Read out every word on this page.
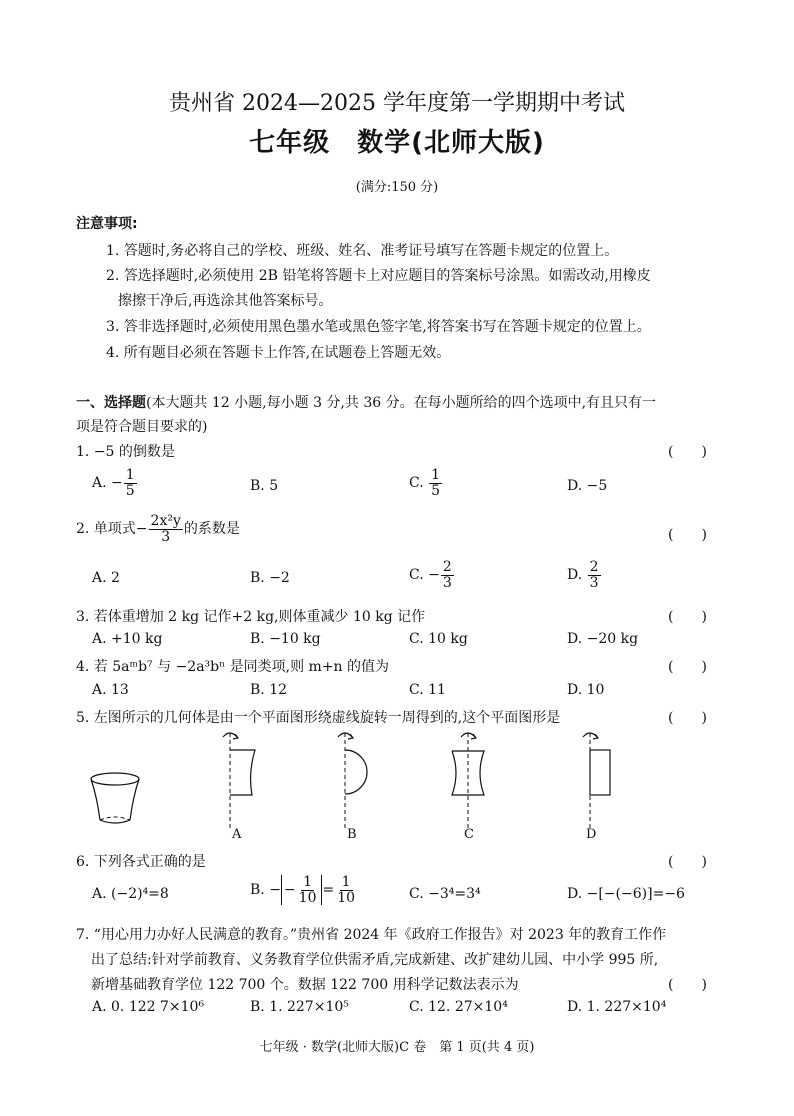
贵州省 2024—2025 学年度第一学期期中考试
七年级　数学(北师大版)
(满分:150 分)
注意事项:
1. 答题时,务必将自己的学校、班级、姓名、准考证号填写在答题卡规定的位置上。
2. 答选择题时,必须使用 2B 铅笔将答题卡上对应题目的答案标号涂黑。如需改动,用橡皮
擦擦干净后,再选涂其他答案标号。
3. 答非选择题时,必须使用黑色墨水笔或黑色签字笔,将答案书写在答题卡规定的位置上。
4. 所有题目必须在答题卡上作答,在试题卷上答题无效。
一、选择题(本大题共 12 小题,每小题 3 分,共 36 分。在每小题所给的四个选项中,有且只有一
项是符合题目要求的)
1. −5 的倒数是	(　　)
A. − $\frac{1}{5}$	B. 5	C. $\frac{1}{5}$	D. −5
2. 单项式− $\frac{\text{2x²y}}{3}$ 的系数是	(　　)
A. 2	B. −2	C. − $\frac{2}{3}$	D. $\frac{2}{3}$
3. 若体重增加 2 kg 记作+2 kg,则体重减少 10 kg 记作	(　　)
A. +10 kg	B. −10 kg	C. 10 kg	D. −20 kg
4. 若 5aᵐb⁷ 与 −2a³bⁿ 是同类项,则 m+n 的值为	(　　)
A. 13	B. 12	C. 11	D. 10
5. 左图所示的几何体是由一个平面图形绕虚线旋转一周得到的,这个平面图形是	(　　)
A	B	C	D
6. 下列各式正确的是	(　　)
A. (−2)⁴=8	B. − − $\frac{1}{10} = \frac{1}{10}$	C. −3⁴=3⁴	D. −[−(−6)]=−6
7. “用心用力办好人民满意的教育。”贵州省 2024 年《政府工作报告》对 2023 年的教育工作作
出了总结:针对学前教育、义务教育学位供需矛盾,完成新建、改扩建幼儿园、中小学 995 所,
新增基础教育学位 122 700 个。数据 122 700 用科学记数法表示为	(　　)
A. 0. 122 7×10⁶	B. 1. 227×10⁵	C. 12. 27×10⁴	D. 1. 227×10⁴
七年级 · 数学(北师大版)C 卷　第 1 页(共 4 页)
